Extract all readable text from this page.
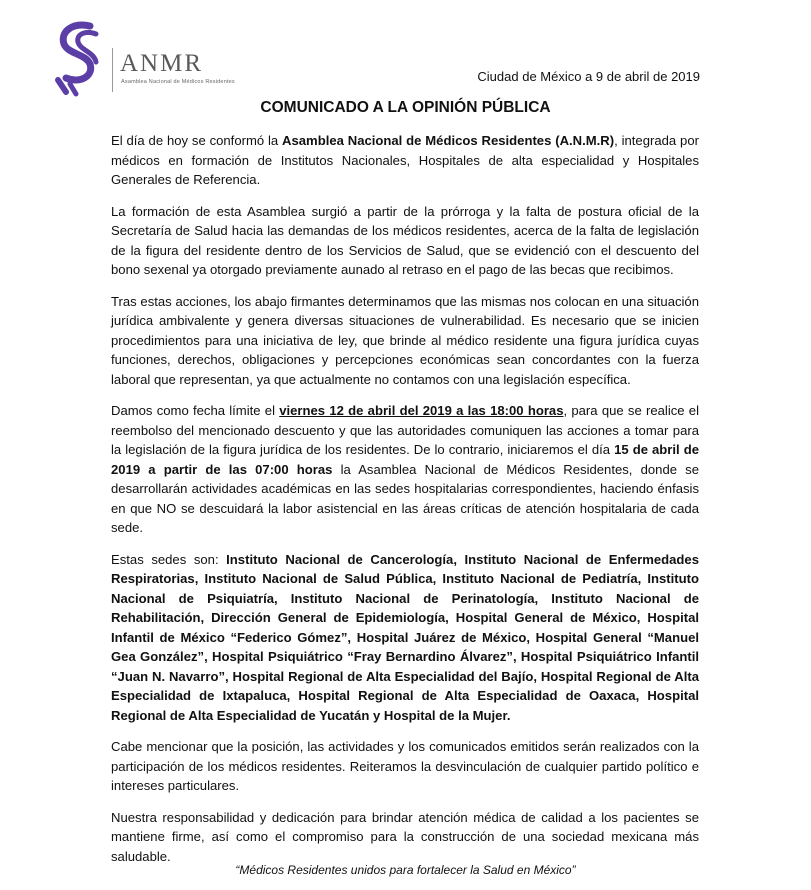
ANMR
Asamblea Nacional de Médicos Residentes	Ciudad de México a 9 de abril de 2019
COMUNICADO A LA OPINIÓN PÚBLICA

El día de hoy se conformó la Asamblea Nacional de Médicos Residentes (A.N.M.R), integrada por médicos en formación de Institutos Nacionales, Hospitales de alta especialidad y Hospitales Generales de Referencia.

La formación de esta Asamblea surgió a partir de la prórroga y la falta de postura oficial de la Secretaría de Salud hacia las demandas de los médicos residentes, acerca de la falta de legislación de la figura del residente dentro de los Servicios de Salud, que se evidenció con el descuento del bono sexenal ya otorgado previamente aunado al retraso en el pago de las becas que recibimos.

Tras estas acciones, los abajo firmantes determinamos que las mismas nos colocan en una situación jurídica ambivalente y genera diversas situaciones de vulnerabilidad. Es necesario que se inicien procedimientos para una iniciativa de ley, que brinde al médico residente una figura jurídica cuyas funciones, derechos, obligaciones y percepciones económicas sean concordantes con la fuerza laboral que representan, ya que actualmente no contamos con una legislación específica.

Damos como fecha límite el viernes 12 de abril del 2019 a las 18:00 horas, para que se realice el reembolso del mencionado descuento y que las autoridades comuniquen las acciones a tomar para la legislación de la figura jurídica de los residentes. De lo contrario, iniciaremos el día 15 de abril de 2019 a partir de las 07:00 horas la Asamblea Nacional de Médicos Residentes, donde se desarrollarán actividades académicas en las sedes hospitalarias correspondientes, haciendo énfasis en que NO se descuidará la labor asistencial en las áreas críticas de atención hospitalaria de cada sede.

Estas sedes son: Instituto Nacional de Cancerología, Instituto Nacional de Enfermedades Respiratorias, Instituto Nacional de Salud Pública, Instituto Nacional de Pediatría, Instituto Nacional de Psiquiatría, Instituto Nacional de Perinatología, Instituto Nacional de Rehabilitación, Dirección General de Epidemiología, Hospital General de México, Hospital Infantil de México “Federico Gómez”, Hospital Juárez de México, Hospital General “Manuel Gea González”, Hospital Psiquiátrico “Fray Bernardino Álvarez”, Hospital Psiquiátrico Infantil “Juan N. Navarro”, Hospital Regional de Alta Especialidad del Bajío, Hospital Regional de Alta Especialidad de Ixtapaluca, Hospital Regional de Alta Especialidad de Oaxaca, Hospital Regional de Alta Especialidad de Yucatán y Hospital de la Mujer.

Cabe mencionar que la posición, las actividades y los comunicados emitidos serán realizados con la participación de los médicos residentes. Reiteramos la desvinculación de cualquier partido político e intereses particulares.

Nuestra responsabilidad y dedicación para brindar atención médica de calidad a los pacientes se mantiene firme, así como el compromiso para la construcción de una sociedad mexicana más saludable.

“Médicos Residentes unidos para fortalecer la Salud en México”
